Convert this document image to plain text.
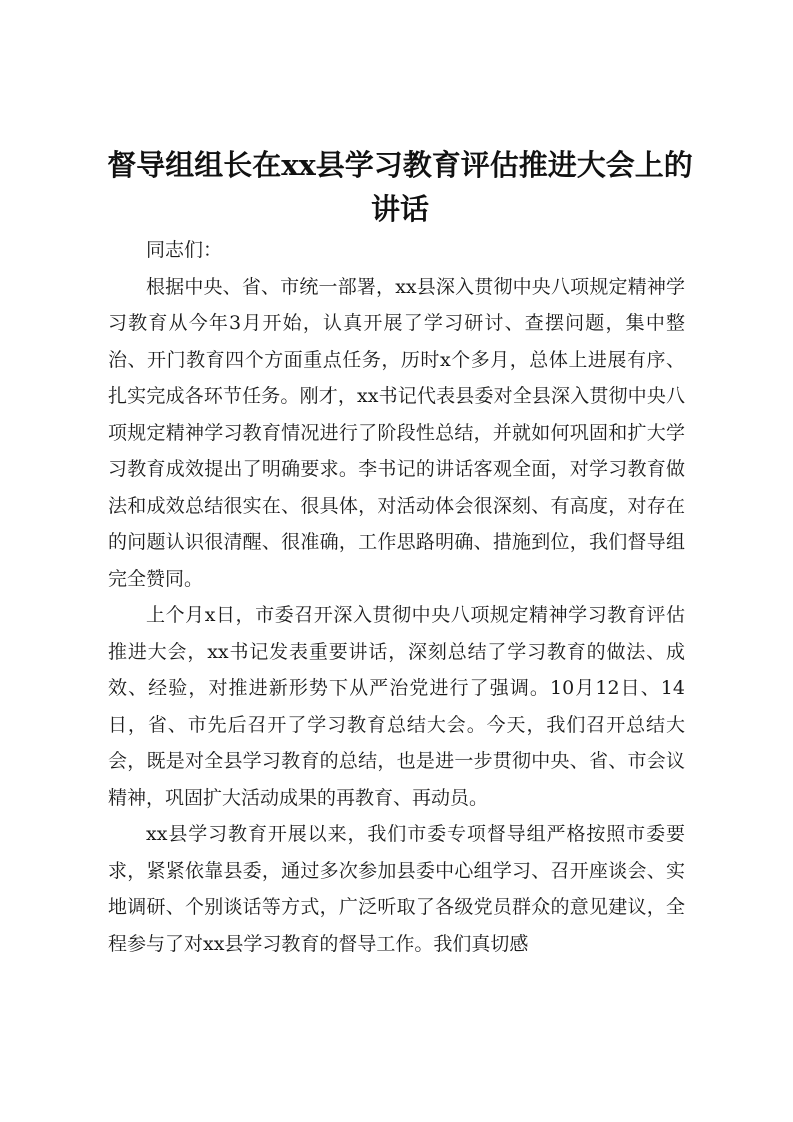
督导组组长在xx县学习教育评估推进大会上的讲话

同志们：

根据中央、省、市统一部署，xx县深入贯彻中央八项规定精神学习教育从今年3月开始，认真开展了学习研讨、查摆问题，集中整治、开门教育四个方面重点任务，历时x个多月，总体上进展有序、扎实完成各环节任务。刚才，xx书记代表县委对全县深入贯彻中央八项规定精神学习教育情况进行了阶段性总结，并就如何巩固和扩大学习教育成效提出了明确要求。李书记的讲话客观全面，对学习教育做法和成效总结很实在、很具体，对活动体会很深刻、有高度，对存在的问题认识很清醒、很准确，工作思路明确、措施到位，我们督导组完全赞同。

上个月x日，市委召开深入贯彻中央八项规定精神学习教育评估推进大会，xx书记发表重要讲话，深刻总结了学习教育的做法、成效、经验，对推进新形势下从严治党进行了强调。10月12日、14日，省、市先后召开了学习教育总结大会。今天，我们召开总结大会，既是对全县学习教育的总结，也是进一步贯彻中央、省、市会议精神，巩固扩大活动成果的再教育、再动员。

xx县学习教育开展以来，我们市委专项督导组严格按照市委要求，紧紧依靠县委，通过多次参加县委中心组学习、召开座谈会、实地调研、个别谈话等方式，广泛听取了各级党员群众的意见建议，全程参与了对xx县学习教育的督导工作。我们真切感
